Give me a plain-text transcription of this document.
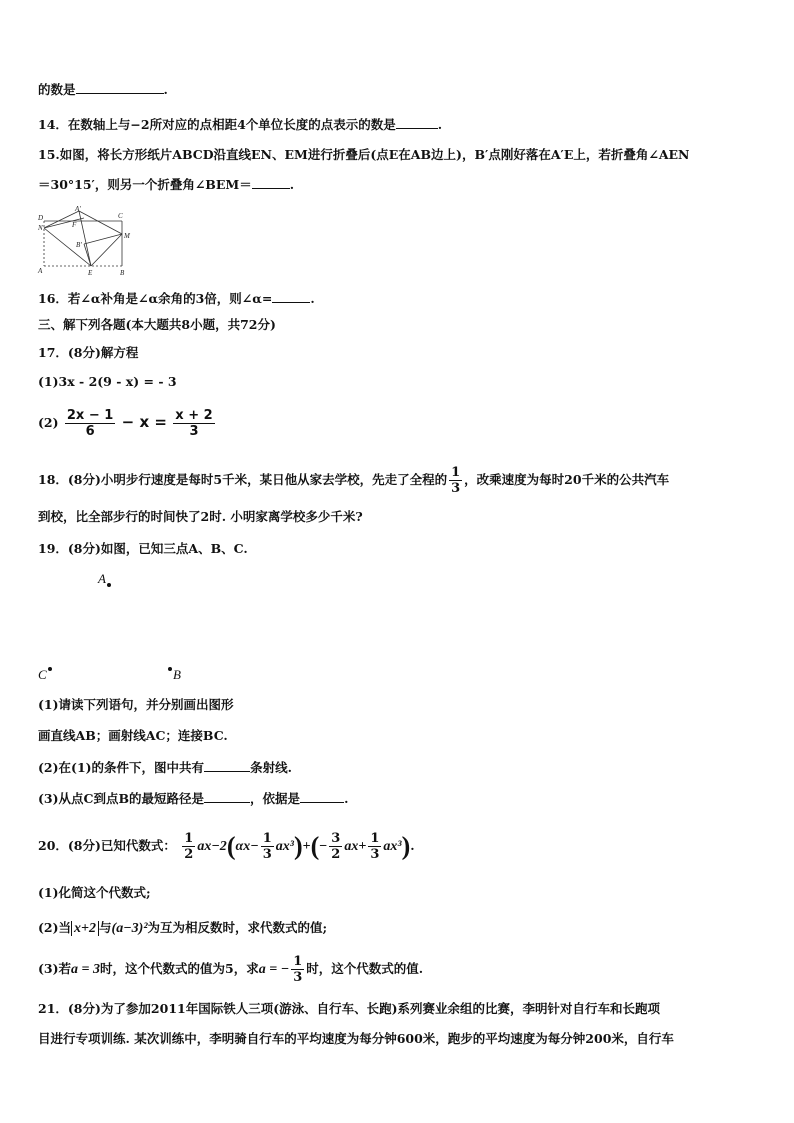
的数是	.
14．在数轴上与−2所对应的点相距4个单位长度的点表示的数是	.
15.如图，将长方形纸片ABCD沿直线EN、EM进行折叠后(点E在AB边上)，B′点刚好落在A′E上，若折叠角∠AEN
＝30°15′，则另一个折叠角∠BEM＝	.
D
N
A′
F
C
M
B′
A	E	B
16．若∠α补角是∠α余角的3倍，则∠α=	.
三、解下列各题(本大题共8小题，共72分)
17．(8分)解方程
(1)3x - 2(9 - x) = - 3
$(2) \frac{2x - 1}{6} - x = \frac{x + 2}{3}$
18．(8分)小明步行速度是每时5千米，某日他从家去学校，先走了全程的 $\frac{1}{3}$ ，改乘速度为每时20千米的公共汽车
到校，比全部步行的时间快了2时. 小明家离学校多少千米?
19．(8分)如图，已知三点A、B、C.
A
C	B
(1)请读下列语句，并分别画出图形
画直线AB；画射线AC；连接BC.
(2)在(1)的条件下，图中共有	条射线.
(3)从点C到点B的最短路径是	，依据是	.
20．(8分)已知代数式： $\frac{1}{2} ax-2(\alpha x- \frac{1}{3} ax^3)+(- \frac{3}{2} ax+ \frac{1}{3} ax^3)$.
(1)化简这个代数式;
(2)当 x+2 与(a−3)²为互为相反数时，求代数式的值;
(3)若a = 3时，这个代数式的值为5，求a = − $\frac{1}{3}$ 时，这个代数式的值.
21．(8分)为了参加2011年国际铁人三项(游泳、自行车、长跑)系列赛业余组的比赛，李明针对自行车和长跑项
目进行专项训练. 某次训练中，李明骑自行车的平均速度为每分钟600米，跑步的平均速度为每分钟200米，自行车
